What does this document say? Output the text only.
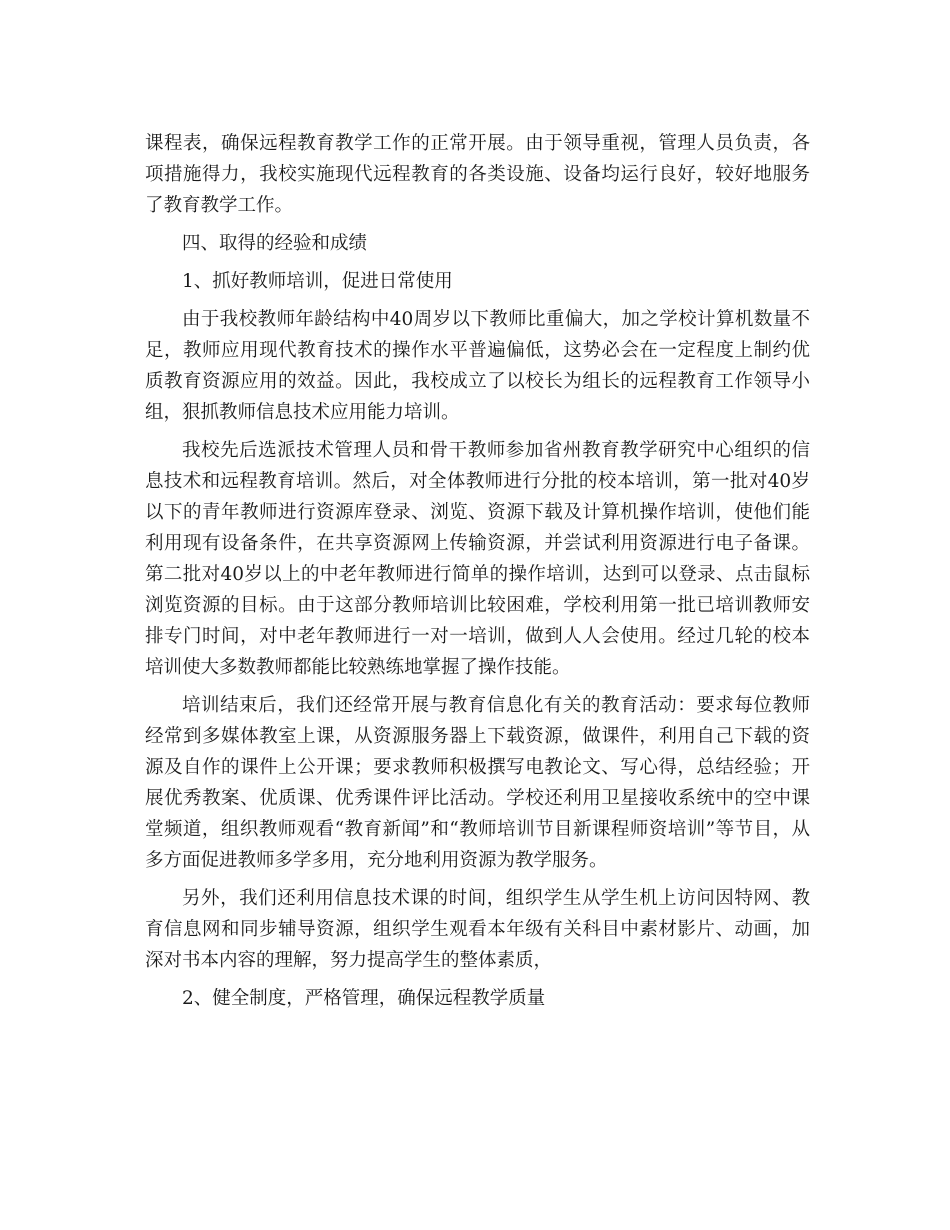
课程表，确保远程教育教学工作的正常开展。由于领导重视，管理人员负责，各项措施得力，我校实施现代远程教育的各类设施、设备均运行良好，较好地服务了教育教学工作。

四、取得的经验和成绩

1、抓好教师培训，促进日常使用

由于我校教师年龄结构中40周岁以下教师比重偏大，加之学校计算机数量不足，教师应用现代教育技术的操作水平普遍偏低，这势必会在一定程度上制约优质教育资源应用的效益。因此，我校成立了以校长为组长的远程教育工作领导小组，狠抓教师信息技术应用能力培训。

我校先后选派技术管理人员和骨干教师参加省州教育教学研究中心组织的信息技术和远程教育培训。然后，对全体教师进行分批的校本培训，第一批对40岁以下的青年教师进行资源库登录、浏览、资源下载及计算机操作培训，使他们能利用现有设备条件，在共享资源网上传输资源，并尝试利用资源进行电子备课。第二批对40岁以上的中老年教师进行简单的操作培训，达到可以登录、点击鼠标浏览资源的目标。由于这部分教师培训比较困难，学校利用第一批已培训教师安排专门时间，对中老年教师进行一对一培训，做到人人会使用。经过几轮的校本培训使大多数教师都能比较熟练地掌握了操作技能。

培训结束后，我们还经常开展与教育信息化有关的教育活动：要求每位教师经常到多媒体教室上课，从资源服务器上下载资源，做课件，利用自己下载的资源及自作的课件上公开课；要求教师积极撰写电教论文、写心得，总结经验；开展优秀教案、优质课、优秀课件评比活动。学校还利用卫星接收系统中的空中课堂频道，组织教师观看“教育新闻”和“教师培训节目新课程师资培训”等节目，从多方面促进教师多学多用，充分地利用资源为教学服务。

另外，我们还利用信息技术课的时间，组织学生从学生机上访问因特网、教育信息网和同步辅导资源，组织学生观看本年级有关科目中素材影片、动画，加深对书本内容的理解，努力提高学生的整体素质，

2、健全制度，严格管理，确保远程教学质量
